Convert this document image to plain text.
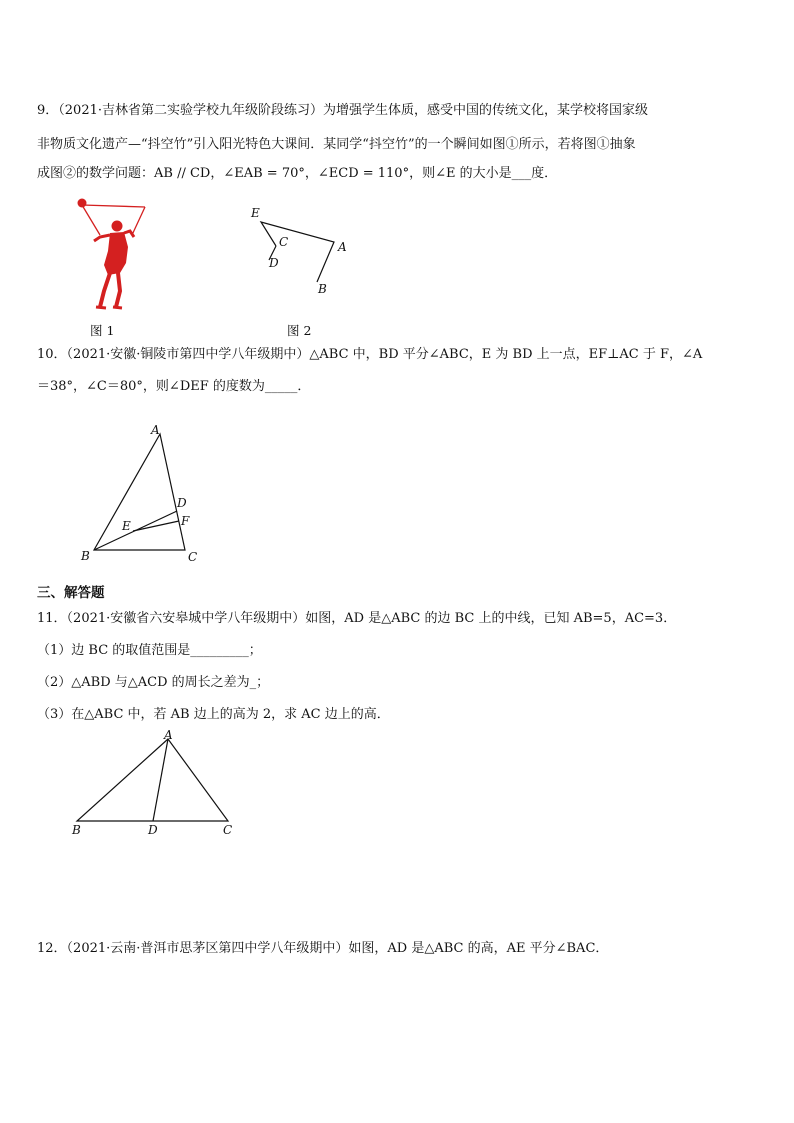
9．（2021·吉林省第二实验学校九年级阶段练习）为增强学生体质，感受中国的传统文化，某学校将国家级
非物质文化遗产—“抖空竹”引入阳光特色大课间．某同学“抖空竹”的一个瞬间如图①所示，若将图①抽象
成图②的数学问题：AB // CD，∠EAB = 70°，∠ECD = 110°，则∠E 的大小是___度．
图 1
E
C
D
A
B
图 2
10．（2021·安徽·铜陵市第四中学八年级期中）△ABC 中，BD 平分∠ABC，E 为 BD 上一点，EF⊥AC 于 F，∠A
＝38°，∠C＝80°，则∠DEF 的度数为_____．
A
B	C
D
E	F
三、解答题
11．（2021·安徽省六安皋城中学八年级期中）如图，AD 是△ABC 的边 BC 上的中线，已知 AB=5，AC=3．
（1）边 BC 的取值范围是_________；
（2）△ABD 与△ACD 的周长之差为_；
（3）在△ABC 中，若 AB 边上的高为 2，求 AC 边上的高．
A
B	D	C
12．（2021·云南·普洱市思茅区第四中学八年级期中）如图，AD 是△ABC 的高，AE 平分∠BAC．
